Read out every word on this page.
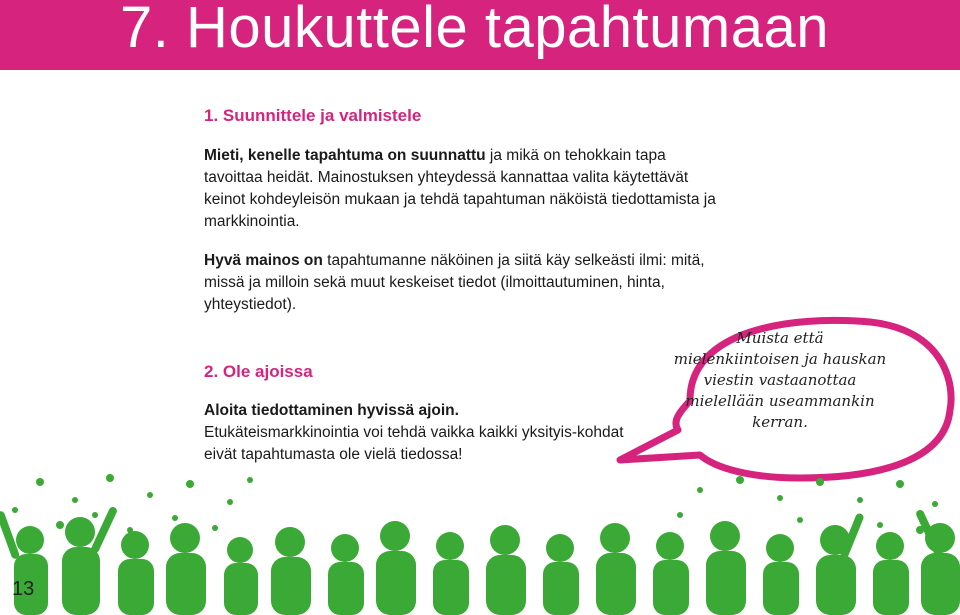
7. Houkuttele tapahtumaan
1. Suunnittele ja valmistele
Mieti, kenelle tapahtuma on suunnattu ja mikä on tehokkain tapa tavoittaa heidät. Mainostuksen yhteydessä kannattaa valita käytettävät keinot kohdeyleisön mukaan ja tehdä tapahtuman näköistä tiedottamista ja markkinointia.
Hyvä mainos on tapahtumanne näköinen ja siitä käy selkeästi ilmi: mitä, missä ja milloin sekä muut keskeiset tiedot (ilmoittautuminen, hinta, yhteystiedot).
2. Ole ajoissa
Aloita tiedottaminen hyvissä ajoin.
Etukäteismarkkinointia voi tehdä vaikka kaikki yksityis-kohdat eivät tapahtumasta ole vielä tiedossa!
Muista että mielenkiintoisen ja hauskan viestin vastaanottaa mielellään useammankin kerran.
13
